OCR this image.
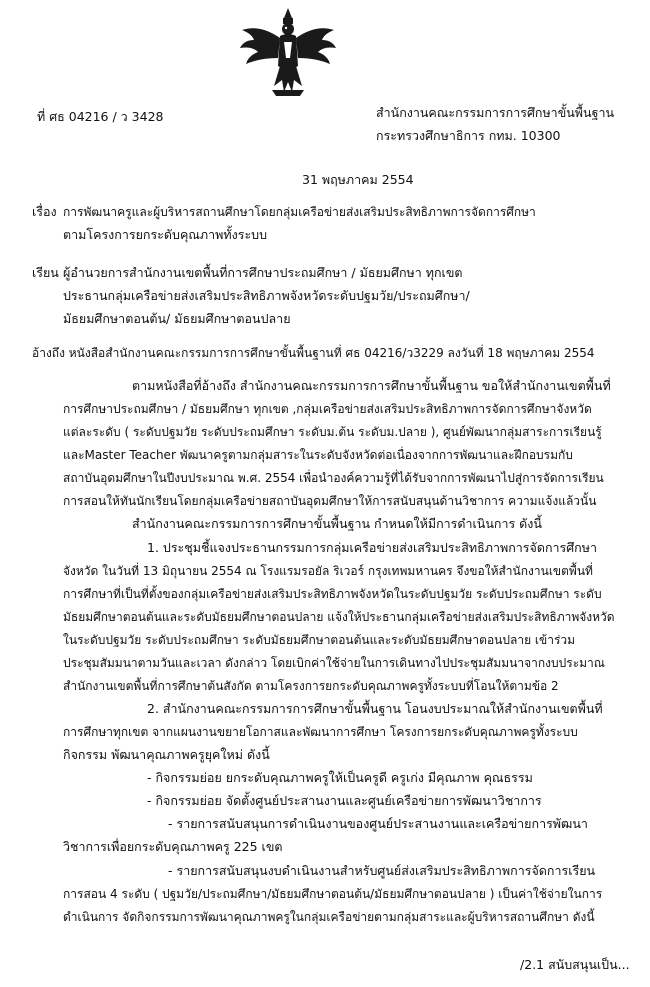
ที่ ศธ 04216 / ว 3428	สำนักงานคณะกรรมการการศึกษาขั้นพื้นฐาน
กระทรวงศึกษาธิการ กทม. 10300
31 พฤษภาคม 2554
เรื่อง การพัฒนาครูและผู้บริหารสถานศึกษาโดยกลุ่มเครือข่ายส่งเสริมประสิทธิภาพการจัดการศึกษา
ตามโครงการยกระดับคุณภาพทั้งระบบ
เรียน ผู้อำนวยการสำนักงานเขตพื้นที่การศึกษาประถมศึกษา / มัธยมศึกษา ทุกเขต
ประธานกลุ่มเครือข่ายส่งเสริมประสิทธิภาพจังหวัดระดับปฐมวัย/ประถมศึกษา/
มัธยมศึกษาตอนต้น/ มัธยมศึกษาตอนปลาย
อ้างถึง หนังสือสำนักงานคณะกรรมการการศึกษาขั้นพื้นฐานที่ ศธ 04216/ว3229 ลงวันที่ 18 พฤษภาคม 2554
ตามหนังสือที่อ้างถึง สำนักงานคณะกรรมการการศึกษาขั้นพื้นฐาน ขอให้สำนักงานเขตพื้นที่
การศึกษาประถมศึกษา / มัธยมศึกษา ทุกเขต ,กลุ่มเครือข่ายส่งเสริมประสิทธิภาพการจัดการศึกษาจังหวัด
แต่ละระดับ ( ระดับปฐมวัย ระดับประถมศึกษา ระดับม.ต้น ระดับม.ปลาย ), ศูนย์พัฒนากลุ่มสาระการเรียนรู้
และMaster Teacher พัฒนาครูตามกลุ่มสาระในระดับจังหวัดต่อเนื่องจากการพัฒนาและฝึกอบรมกับ
สถาบันอุดมศึกษาในปีงบประมาณ พ.ศ. 2554 เพื่อนำองค์ความรู้ที่ได้รับจากการพัฒนาไปสู่การจัดการเรียน
การสอนให้ทันนักเรียนโดยกลุ่มเครือข่ายสถาบันอุดมศึกษาให้การสนับสนุนด้านวิชาการ ความแจ้งแล้วนั้น
สำนักงานคณะกรรมการการศึกษาขั้นพื้นฐาน กำหนดให้มีการดำเนินการ ดังนี้
1. ประชุมชี้แจงประธานกรรมการกลุ่มเครือข่ายส่งเสริมประสิทธิภาพการจัดการศึกษา
จังหวัด ในวันที่ 13 มิถุนายน 2554 ณ โรงแรมรอยัล ริเวอร์ กรุงเทพมหานคร จึงขอให้สำนักงานเขตพื้นที่
การศึกษาที่เป็นที่ตั้งของกลุ่มเครือข่ายส่งเสริมประสิทธิภาพจังหวัดในระดับปฐมวัย ระดับประถมศึกษา ระดับ
มัธยมศึกษาตอนต้นและระดับมัธยมศึกษาตอนปลาย แจ้งให้ประธานกลุ่มเครือข่ายส่งเสริมประสิทธิภาพจังหวัด
ในระดับปฐมวัย ระดับประถมศึกษา ระดับมัธยมศึกษาตอนต้นและระดับมัธยมศึกษาตอนปลาย เข้าร่วม
ประชุมสัมมนาตามวันและเวลา ดังกล่าว โดยเบิกค่าใช้จ่ายในการเดินทางไปประชุมสัมมนาจากงบประมาณ
สำนักงานเขตพื้นที่การศึกษาต้นสังกัด ตามโครงการยกระดับคุณภาพครูทั้งระบบที่โอนให้ตามข้อ 2
2. สำนักงานคณะกรรมการการศึกษาขั้นพื้นฐาน โอนงบประมาณให้สำนักงานเขตพื้นที่
การศึกษาทุกเขต จากแผนงานขยายโอกาสและพัฒนาการศึกษา โครงการยกระดับคุณภาพครูทั้งระบบ
กิจกรรม พัฒนาคุณภาพครูยุคใหม่ ดังนี้
- กิจกรรมย่อย ยกระดับคุณภาพครูให้เป็นครูดี ครูเก่ง มีคุณภาพ คุณธรรม
- กิจกรรมย่อย จัดตั้งศูนย์ประสานงานและศูนย์เครือข่ายการพัฒนาวิชาการ
- รายการสนับสนุนการดำเนินงานของศูนย์ประสานงานและเครือข่ายการพัฒนา
วิชาการเพื่อยกระดับคุณภาพครู 225 เขต
- รายการสนับสนุนงบดำเนินงานสำหรับศูนย์ส่งเสริมประสิทธิภาพการจัดการเรียน
การสอน 4 ระดับ ( ปฐมวัย/ประถมศึกษา/มัธยมศึกษาตอนต้น/มัธยมศึกษาตอนปลาย ) เป็นค่าใช้จ่ายในการ
ดำเนินการ จัดกิจกรรมการพัฒนาคุณภาพครูในกลุ่มเครือข่ายตามกลุ่มสาระและผู้บริหารสถานศึกษา ดังนี้
/2.1 สนับสนุนเป็น...
